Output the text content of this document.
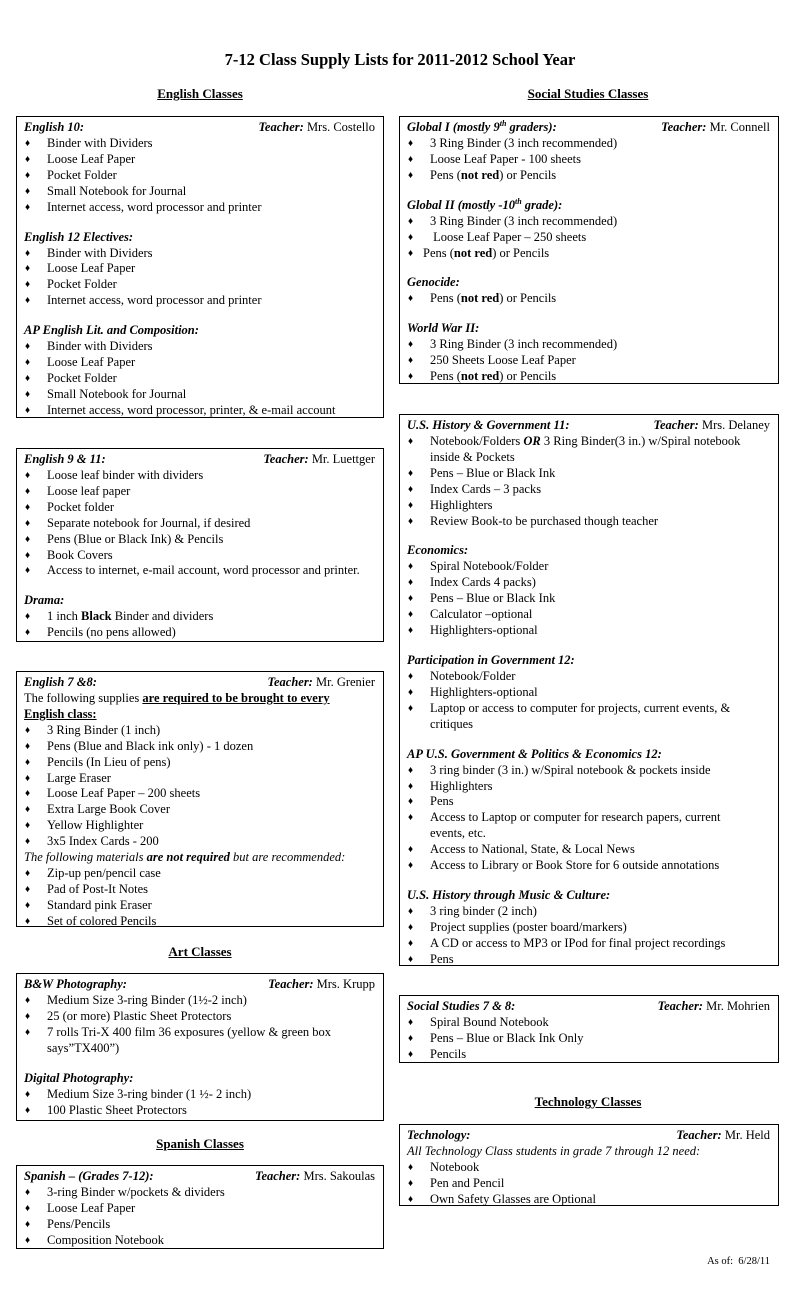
7-12 Class Supply Lists for 2011-2012 School Year
English Classes	Social Studies Classes
Art Classes
Spanish Classes
Technology Classes
English 10:	Teacher: Mrs. Costello
♦ Binder with Dividers
♦ Loose Leaf Paper
♦ Pocket Folder
♦ Small Notebook for Journal
♦ Internet access, word processor and printer
English 12 Electives:
♦ Binder with Dividers
♦ Loose Leaf Paper
♦ Pocket Folder
♦ Internet access, word processor and printer
AP English Lit. and Composition:
♦ Binder with Dividers
♦ Loose Leaf Paper
♦ Pocket Folder
♦ Small Notebook for Journal
♦ Internet access, word processor, printer, & e-mail account
English 9 & 11:	Teacher: Mr. Luettger
♦ Loose leaf binder with dividers
♦ Loose leaf paper
♦ Pocket folder
♦ Separate notebook for Journal, if desired
♦ Pens (Blue or Black Ink) & Pencils
♦ Book Covers
♦ Access to internet, e-mail account, word processor and printer.
Drama:
♦ 1 inch Black Binder and dividers
♦ Pencils (no pens allowed)
English 7 &8:	Teacher: Mr. Grenier
The following supplies are required to be brought to every
English class:
♦ 3 Ring Binder (1 inch)
♦ Pens (Blue and Black ink only) - 1 dozen
♦ Pencils (In Lieu of pens)
♦ Large Eraser
♦ Loose Leaf Paper – 200 sheets
♦ Extra Large Book Cover
♦ Yellow Highlighter
♦ 3x5 Index Cards - 200
The following materials are not required but are recommended:
♦ Zip-up pen/pencil case
♦ Pad of Post-It Notes
♦ Standard pink Eraser
♦ Set of colored Pencils
B&W Photography:	Teacher: Mrs. Krupp
♦ Medium Size 3-ring Binder (1½-2 inch)
♦ 25 (or more) Plastic Sheet Protectors
♦ 7 rolls Tri-X 400 film 36 exposures (yellow & green box
says”TX400”)
Digital Photography:
♦ Medium Size 3-ring binder (1 ½- 2 inch)
♦ 100 Plastic Sheet Protectors
Spanish – (Grades 7-12):	Teacher: Mrs. Sakoulas
♦ 3-ring Binder w/pockets & dividers
♦ Loose Leaf Paper
♦ Pens/Pencils
♦ Composition Notebook
Global I (mostly 9th graders):	Teacher: Mr. Connell
♦ 3 Ring Binder (3 inch recommended)
♦ Loose Leaf Paper - 100 sheets
♦ Pens (not red) or Pencils
Global II (mostly -10th grade):
♦ 3 Ring Binder (3 inch recommended)
♦ Loose Leaf Paper – 250 sheets
♦ Pens (not red) or Pencils
Genocide:
♦ Pens (not red) or Pencils
World War II:
♦ 3 Ring Binder (3 inch recommended)
♦ 250 Sheets Loose Leaf Paper
♦ Pens (not red) or Pencils
U.S. History & Government 11:	Teacher: Mrs. Delaney
♦ Notebook/Folders OR 3 Ring Binder(3 in.) w/Spiral notebook
inside & Pockets
♦ Pens – Blue or Black Ink
♦ Index Cards – 3 packs
♦ Highlighters
♦ Review Book-to be purchased though teacher
Economics:
♦ Spiral Notebook/Folder
♦ Index Cards 4 packs)
♦ Pens – Blue or Black Ink
♦ Calculator –optional
♦ Highlighters-optional
Participation in Government 12:
♦ Notebook/Folder
♦ Highlighters-optional
♦ Laptop or access to computer for projects, current events, &
critiques
AP U.S. Government & Politics & Economics 12:
♦ 3 ring binder (3 in.) w/Spiral notebook & pockets inside
♦ Highlighters
♦ Pens
♦ Access to Laptop or computer for research papers, current
events, etc.
♦ Access to National, State, & Local News
♦ Access to Library or Book Store for 6 outside annotations
U.S. History through Music & Culture:
♦ 3 ring binder (2 inch)
♦ Project supplies (poster board/markers)
♦ A CD or access to MP3 or IPod for final project recordings
♦ Pens
Social Studies 7 & 8:	Teacher: Mr. Mohrien
♦ Spiral Bound Notebook
♦ Pens – Blue or Black Ink Only
♦ Pencils
Technology:	Teacher: Mr. Held
All Technology Class students in grade 7 through 12 need:
♦ Notebook
♦ Pen and Pencil
♦ Own Safety Glasses are Optional
As of:  6/28/11
